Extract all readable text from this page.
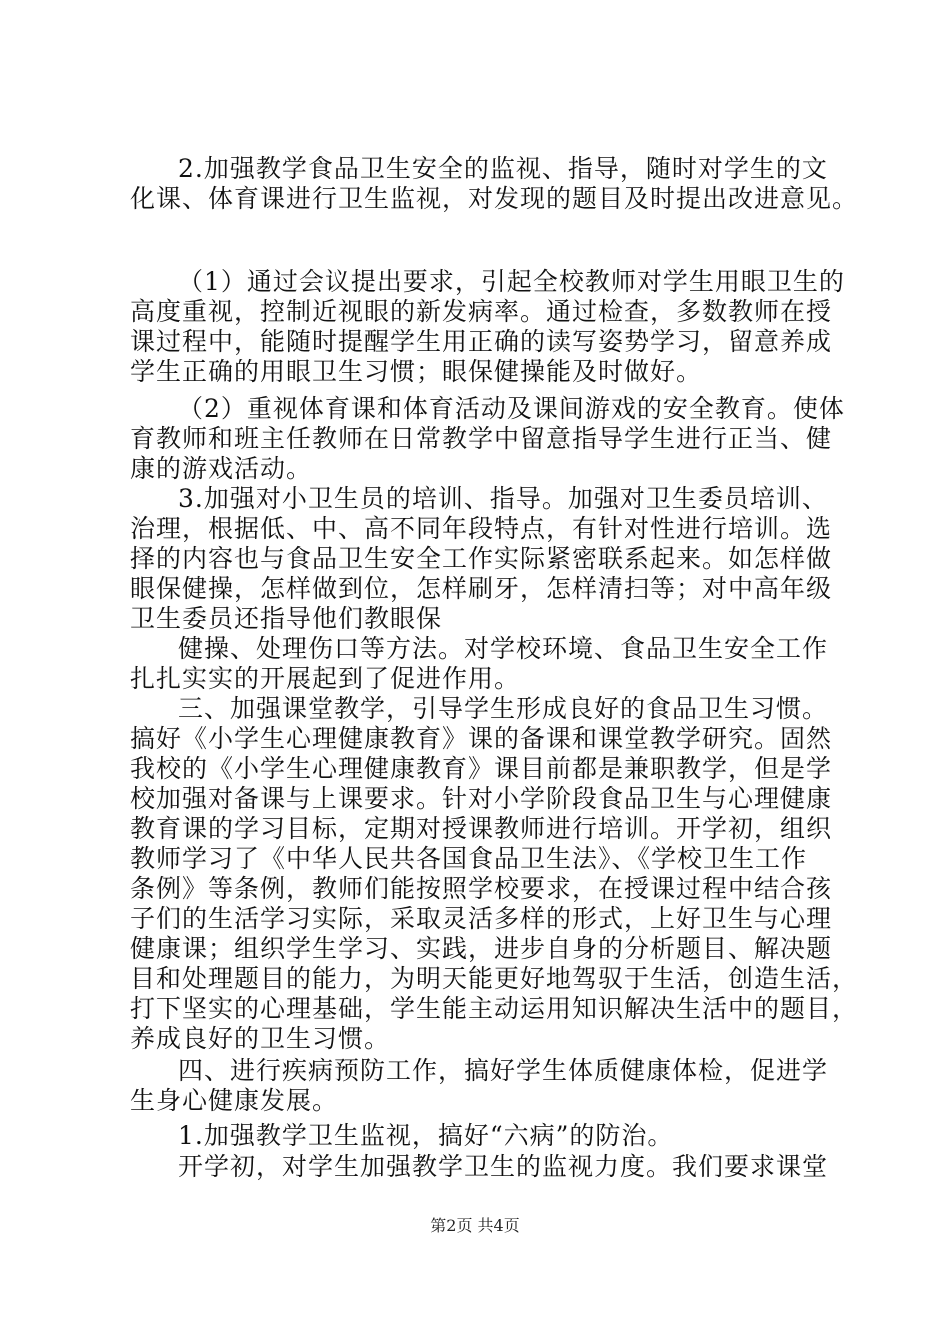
2.加强教学食品卫生安全的监视、指导，随时对学生的文
化课、体育课进行卫生监视，对发现的题目及时提出改进意见。
（1）通过会议提出要求，引起全校教师对学生用眼卫生的
高度重视，控制近视眼的新发病率。通过检查，多数教师在授
课过程中，能随时提醒学生用正确的读写姿势学习，留意养成
学生正确的用眼卫生习惯；眼保健操能及时做好。
（2）重视体育课和体育活动及课间游戏的安全教育。使体
育教师和班主任教师在日常教学中留意指导学生进行正当、健
康的游戏活动。
3.加强对小卫生员的培训、指导。加强对卫生委员培训、
治理，根据低、中、高不同年段特点，有针对性进行培训。选
择的内容也与食品卫生安全工作实际紧密联系起来。如怎样做
眼保健操，怎样做到位，怎样刷牙，怎样清扫等；对中高年级
卫生委员还指导他们教眼保
健操、处理伤口等方法。对学校环境、食品卫生安全工作
扎扎实实的开展起到了促进作用。
三、加强课堂教学，引导学生形成良好的食品卫生习惯。
搞好《小学生心理健康教育》课的备课和课堂教学研究。固然
我校的《小学生心理健康教育》课目前都是兼职教学，但是学
校加强对备课与上课要求。针对小学阶段食品卫生与心理健康
教育课的学习目标，定期对授课教师进行培训。开学初，组织
教师学习了《中华人民共各国食品卫生法》、《学校卫生工作
条例》等条例，教师们能按照学校要求，在授课过程中结合孩
子们的生活学习实际，采取灵活多样的形式，上好卫生与心理
健康课；组织学生学习、实践，进步自身的分析题目、解决题
目和处理题目的能力，为明天能更好地驾驭于生活，创造生活，
打下坚实的心理基础，学生能主动运用知识解决生活中的题目，
养成良好的卫生习惯。
四、进行疾病预防工作，搞好学生体质健康体检，促进学
生身心健康发展。
1.加强教学卫生监视，搞好“六病”的防治。
开学初，对学生加强教学卫生的监视力度。我们要求课堂
第2页 共4页
